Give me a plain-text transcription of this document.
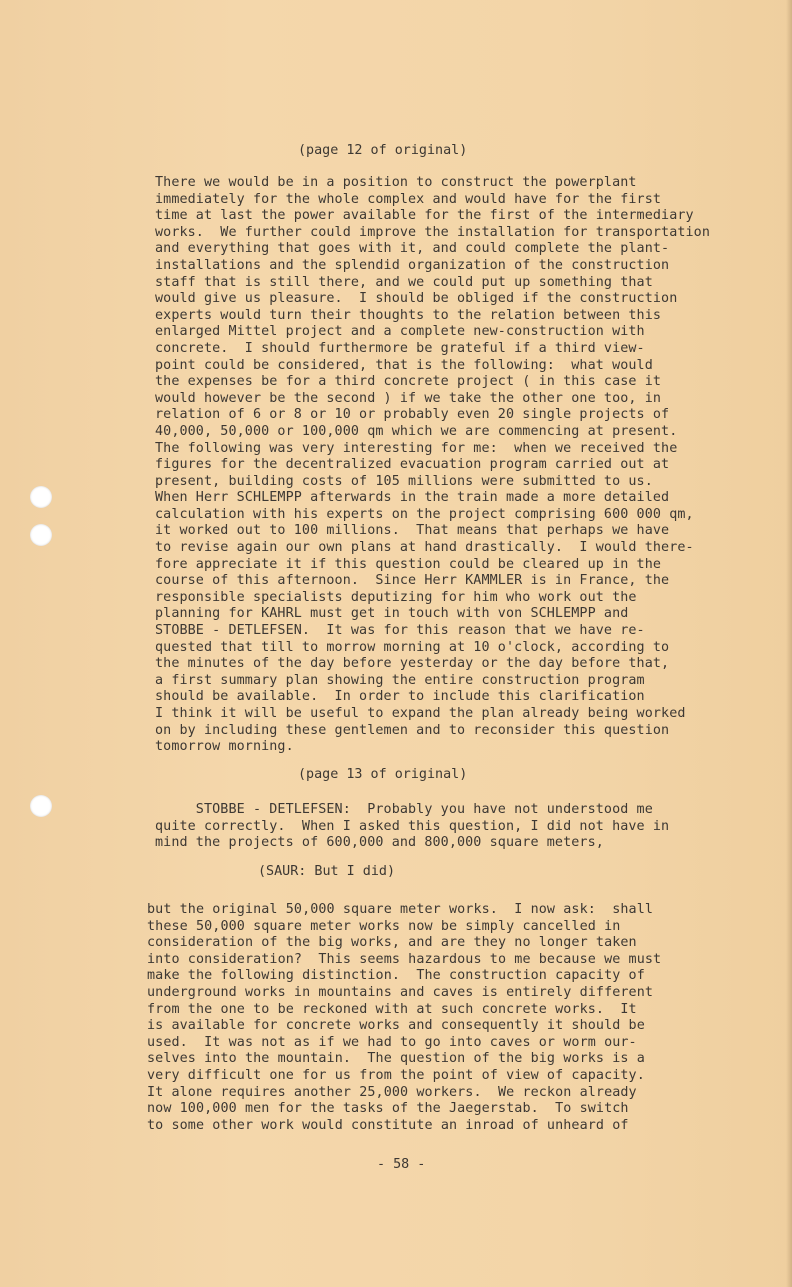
(page 12 of original)
There we would be in a position to construct the powerplant
immediately for the whole complex and would have for the first
time at last the power available for the first of the intermediary
works.  We further could improve the installation for transportation
and everything that goes with it, and could complete the plant-
installations and the splendid organization of the construction
staff that is still there, and we could put up something that
would give us pleasure.  I should be obliged if the construction
experts would turn their thoughts to the relation between this
enlarged Mittel project and a complete new-construction with
concrete.  I should furthermore be grateful if a third view-
point could be considered, that is the following:  what would
the expenses be for a third concrete project ( in this case it
would however be the second ) if we take the other one too, in
relation of 6 or 8 or 10 or probably even 20 single projects of
40,000, 50,000 or 100,000 qm which we are commencing at present.
The following was very interesting for me:  when we received the
figures for the decentralized evacuation program carried out at
present, building costs of 105 millions were submitted to us.
When Herr SCHLEMPP afterwards in the train made a more detailed
calculation with his experts on the project comprising 600 000 qm,
it worked out to 100 millions.  That means that perhaps we have
to revise again our own plans at hand drastically.  I would there-
fore appreciate it if this question could be cleared up in the
course of this afternoon.  Since Herr KAMMLER is in France, the
responsible specialists deputizing for him who work out the
planning for KAHRL must get in touch with von SCHLEMPP and
STOBBE - DETLEFSEN.  It was for this reason that we have re-
quested that till to morrow morning at 10 o'clock, according to
the minutes of the day before yesterday or the day before that,
a first summary plan showing the entire construction program
should be available.  In order to include this clarification
I think it will be useful to expand the plan already being worked
on by including these gentlemen and to reconsider this question
tomorrow morning.
(page 13 of original)
STOBBE - DETLEFSEN:  Probably you have not understood me
quite correctly.  When I asked this question, I did not have in
mind the projects of 600,000 and 800,000 square meters,
(SAUR: But I did)
but the original 50,000 square meter works.  I now ask:  shall
these 50,000 square meter works now be simply cancelled in
consideration of the big works, and are they no longer taken
into consideration?  This seems hazardous to me because we must
make the following distinction.  The construction capacity of
underground works in mountains and caves is entirely different
from the one to be reckoned with at such concrete works.  It
is available for concrete works and consequently it should be
used.  It was not as if we had to go into caves or worm our-
selves into the mountain.  The question of the big works is a
very difficult one for us from the point of view of capacity.
It alone requires another 25,000 workers.  We reckon already
now 100,000 men for the tasks of the Jaegerstab.  To switch
to some other work would constitute an inroad of unheard of
- 58 -
